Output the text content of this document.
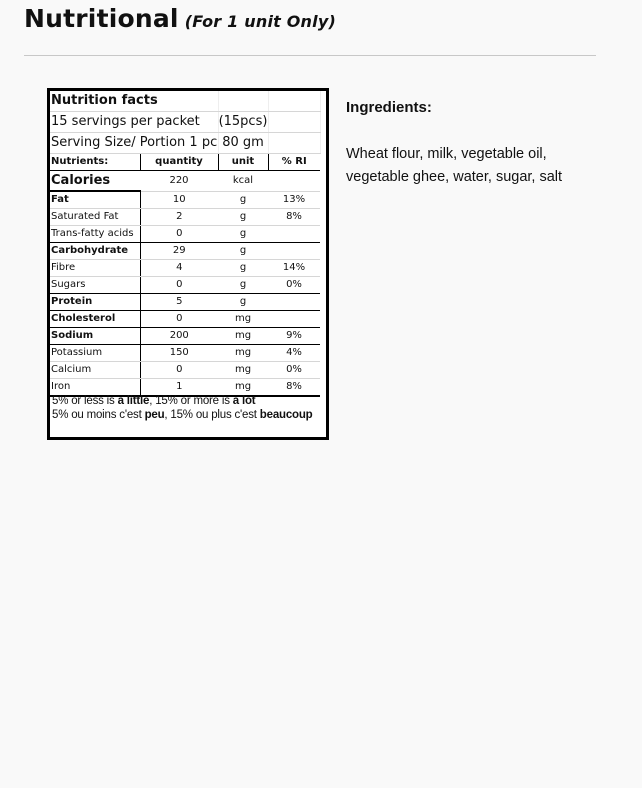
Nutritional (For 1 unit Only)
Nutrition facts			
15 servings per packet		(15pcs)	
Serving Size/ Portion 1 pc		80 gm	
Nutrients:	quantity	unit	% RI
Calories	220	kcal	
Fat	10	g	13%
Saturated Fat	2	g	8%
Trans-fatty acids	0	g	
Carbohydrate	29	g	
Fibre	4	g	14%
Sugars	0	g	0%
Protein	5	g	
Cholesterol	0	mg	
Sodium	200	mg	9%
Potassium	150	mg	4%
Calcium	0	mg	0%
Iron	1	mg	8%
5% or less is a little, 15% or more is a lot
5% ou moins c'est peu, 15% ou plus c'est beaucoup
Ingredients:
Wheat flour, milk, vegetable oil, vegetable ghee, water, sugar, salt
